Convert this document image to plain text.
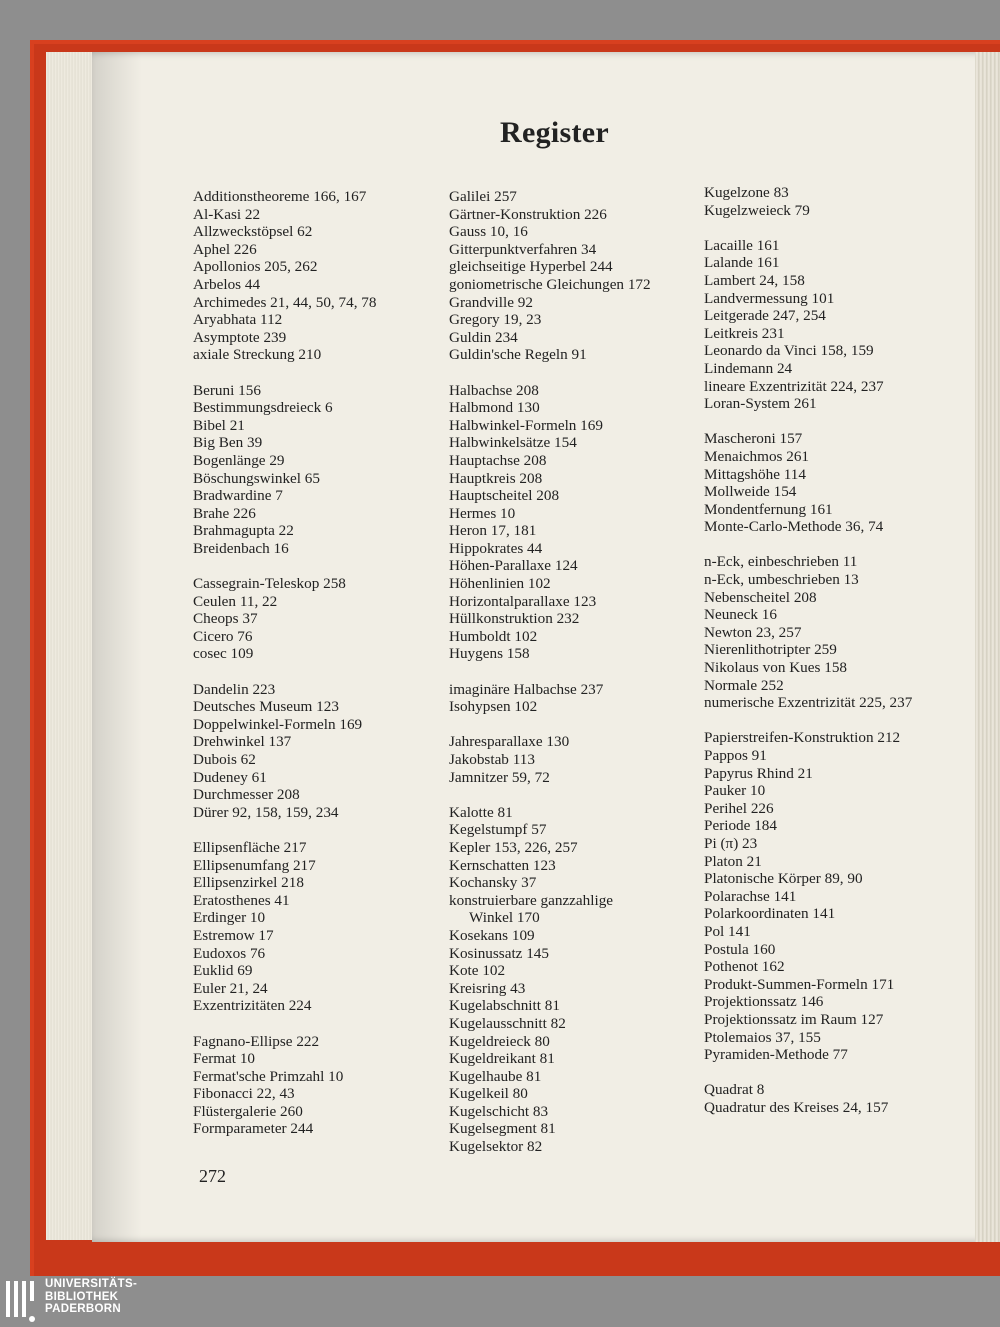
Register
Additionstheoreme 166, 167
Al-Kasi 22
Allzweckstöpsel 62
Aphel 226
Apollonios 205, 262
Arbelos 44
Archimedes 21, 44, 50, 74, 78
Aryabhata 112
Asymptote 239
axiale Streckung 210
Beruni 156
Bestimmungsdreieck 6
Bibel 21
Big Ben 39
Bogenlänge 29
Böschungswinkel 65
Bradwardine 7
Brahe 226
Brahmagupta 22
Breidenbach 16
Cassegrain-Teleskop 258
Ceulen 11, 22
Cheops 37
Cicero 76
cosec 109
Dandelin 223
Deutsches Museum 123
Doppelwinkel-Formeln 169
Drehwinkel 137
Dubois 62
Dudeney 61
Durchmesser 208
Dürer 92, 158, 159, 234
Ellipsenfläche 217
Ellipsenumfang 217
Ellipsenzirkel 218
Eratosthenes 41
Erdinger 10
Estremow 17
Eudoxos 76
Euklid 69
Euler 21, 24
Exzentrizitäten 224
Fagnano-Ellipse 222
Fermat 10
Fermat'sche Primzahl 10
Fibonacci 22, 43
Flüstergalerie 260
Formparameter 244
Galilei 257
Gärtner-Konstruktion 226
Gauss 10, 16
Gitterpunktverfahren 34
gleichseitige Hyperbel 244
goniometrische Gleichungen 172
Grandville 92
Gregory 19, 23
Guldin 234
Guldin'sche Regeln 91
Halbachse 208
Halbmond 130
Halbwinkel-Formeln 169
Halbwinkelsätze 154
Hauptachse 208
Hauptkreis 208
Hauptscheitel 208
Hermes 10
Heron 17, 181
Hippokrates 44
Höhen-Parallaxe 124
Höhenlinien 102
Horizontalparallaxe 123
Hüllkonstruktion 232
Humboldt 102
Huygens 158
imaginäre Halbachse 237
Isohypsen 102
Jahresparallaxe 130
Jakobstab 113
Jamnitzer 59, 72
Kalotte 81
Kegelstumpf 57
Kepler 153, 226, 257
Kernschatten 123
Kochansky 37
konstruierbare ganzzahlige
Winkel 170
Kosekans 109
Kosinussatz 145
Kote 102
Kreisring 43
Kugelabschnitt 81
Kugelausschnitt 82
Kugeldreieck 80
Kugeldreikant 81
Kugelhaube 81
Kugelkeil 80
Kugelschicht 83
Kugelsegment 81
Kugelsektor 82
Kugelzone 83
Kugelzweieck 79
Lacaille 161
Lalande 161
Lambert 24, 158
Landvermessung 101
Leitgerade 247, 254
Leitkreis 231
Leonardo da Vinci 158, 159
Lindemann 24
lineare Exzentrizität 224, 237
Loran-System 261
Mascheroni 157
Menaichmos 261
Mittagshöhe 114
Mollweide 154
Mondentfernung 161
Monte-Carlo-Methode 36, 74
n-Eck, einbeschrieben 11
n-Eck, umbeschrieben 13
Nebenscheitel 208
Neuneck 16
Newton 23, 257
Nierenlithotripter 259
Nikolaus von Kues 158
Normale 252
numerische Exzentrizität 225, 237
Papierstreifen-Konstruktion 212
Pappos 91
Papyrus Rhind 21
Pauker 10
Perihel 226
Periode 184
Pi (π) 23
Platon 21
Platonische Körper 89, 90
Polarachse 141
Polarkoordinaten 141
Pol 141
Postula 160
Pothenot 162
Produkt-Summen-Formeln 171
Projektionssatz 146
Projektionssatz im Raum 127
Ptolemaios 37, 155
Pyramiden-Methode 77
Quadrat 8
Quadratur des Kreises 24, 157
272
UNIVERSITÄTS-
BIBLIOTHEK
PADERBORN
